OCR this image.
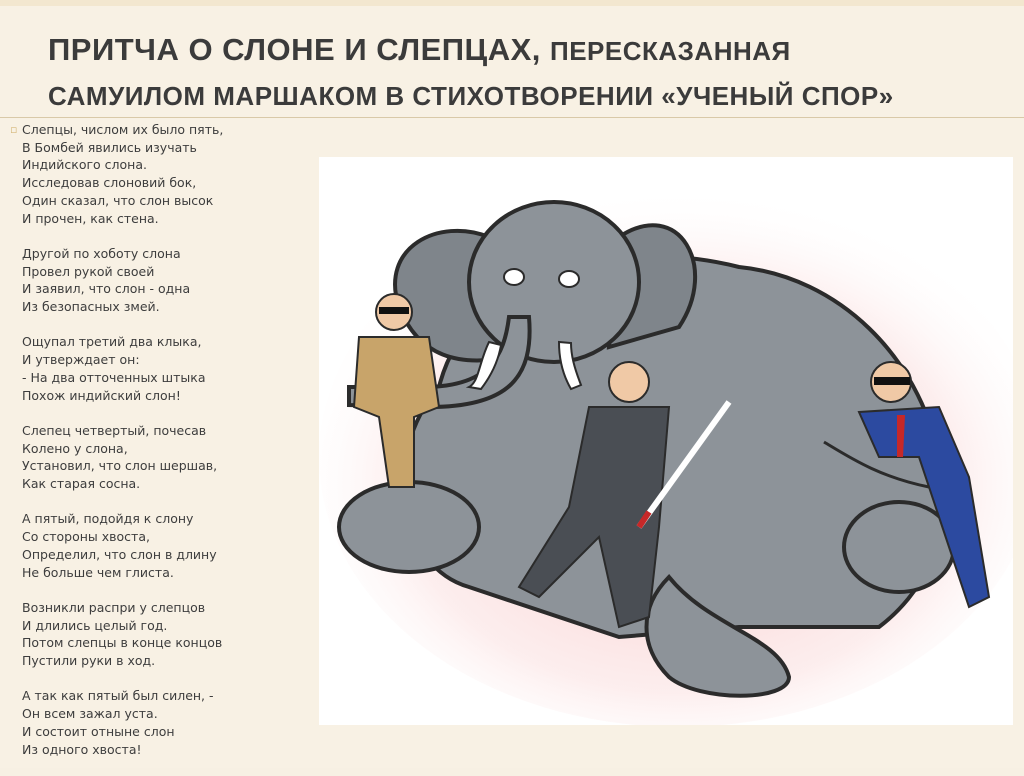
ПРИТЧА О СЛОНЕ И СЛЕПЦАХ, ПЕРЕСКАЗАННАЯ
САМУИЛОМ МАРШАКОМ В СТИХОТВОРЕНИИ «УЧЕНЫЙ СПОР»
▫ Слепцы, числом их было пять,
В Бомбей явились изучать
Индийского слона.
Исследовав слоновий бок,
Один сказал, что слон высок
И прочен, как стена.
Другой по хоботу слона
Провел рукой своей
И заявил, что слон - одна
Из безопасных змей.
Ощупал третий два клыка,
И утверждает он:
- На два отточенных штыка
Похож индийский слон!
Слепец четвертый, почесав
Колено у слона,
Установил, что слон шершав,
Как старая сосна.
А пятый, подойдя к слону
Со стороны хвоста,
Определил, что слон в длину
Не больше чем глиста.
Возникли распри у слепцов
И длились целый год.
Потом слепцы в конце концов
Пустили руки в ход.
А так как пятый был силен, -
Он всем зажал уста.
И состоит отныне слон
Из одного хвоста!
